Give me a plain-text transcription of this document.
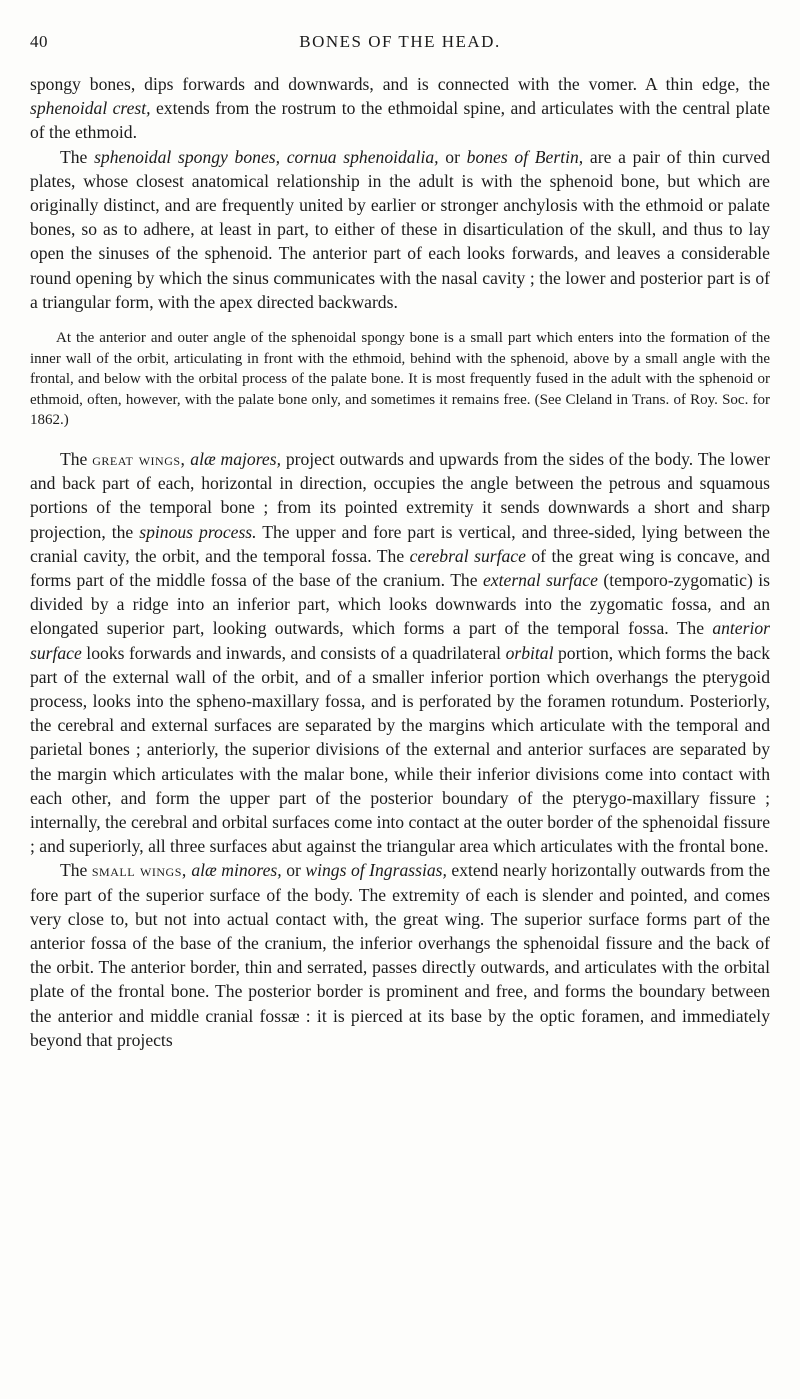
40	BONES OF THE HEAD.

spongy bones, dips forwards and downwards, and is connected with the vomer. A thin edge, the sphenoidal crest, extends from the rostrum to the ethmoidal spine, and articulates with the central plate of the ethmoid.

The sphenoidal spongy bones, cornua sphenoidalia, or bones of Bertin, are a pair of thin curved plates, whose closest anatomical relationship in the adult is with the sphenoid bone, but which are originally distinct, and are frequently united by earlier or stronger anchylosis with the ethmoid or palate bones, so as to adhere, at least in part, to either of these in disarticulation of the skull, and thus to lay open the sinuses of the sphenoid. The anterior part of each looks forwards, and leaves a considerable round opening by which the sinus communicates with the nasal cavity ; the lower and posterior part is of a triangular form, with the apex directed backwards.

At the anterior and outer angle of the sphenoidal spongy bone is a small part which enters into the formation of the inner wall of the orbit, articulating in front with the ethmoid, behind with the sphenoid, above by a small angle with the frontal, and below with the orbital process of the palate bone. It is most frequently fused in the adult with the sphenoid or ethmoid, often, however, with the palate bone only, and sometimes it remains free. (See Cleland in Trans. of Roy. Soc. for 1862.)

The great wings, alæ majores, project outwards and upwards from the sides of the body. The lower and back part of each, horizontal in direction, occupies the angle between the petrous and squamous portions of the temporal bone ; from its pointed extremity it sends downwards a short and sharp projection, the spinous process. The upper and fore part is vertical, and three-sided, lying between the cranial cavity, the orbit, and the temporal fossa. The cerebral surface of the great wing is concave, and forms part of the middle fossa of the base of the cranium. The external surface (temporo-zygomatic) is divided by a ridge into an inferior part, which looks downwards into the zygomatic fossa, and an elongated superior part, looking outwards, which forms a part of the temporal fossa. The anterior surface looks forwards and inwards, and consists of a quadrilateral orbital portion, which forms the back part of the external wall of the orbit, and of a smaller inferior portion which overhangs the pterygoid process, looks into the spheno-maxillary fossa, and is perforated by the foramen rotundum. Posteriorly, the cerebral and external surfaces are separated by the margins which articulate with the temporal and parietal bones ; anteriorly, the superior divisions of the external and anterior surfaces are separated by the margin which articulates with the malar bone, while their inferior divisions come into contact with each other, and form the upper part of the posterior boundary of the pterygo-maxillary fissure ; internally, the cerebral and orbital surfaces come into contact at the outer border of the sphenoidal fissure ; and superiorly, all three surfaces abut against the triangular area which articulates with the frontal bone.

The small wings, alæ minores, or wings of Ingrassias, extend nearly horizontally outwards from the fore part of the superior surface of the body. The extremity of each is slender and pointed, and comes very close to, but not into actual contact with, the great wing. The superior surface forms part of the anterior fossa of the base of the cranium, the inferior overhangs the sphenoidal fissure and the back of the orbit. The anterior border, thin and serrated, passes directly outwards, and articulates with the orbital plate of the frontal bone. The posterior border is prominent and free, and forms the boundary between the anterior and middle cranial fossæ : it is pierced at its base by the optic foramen, and immediately beyond that projects
